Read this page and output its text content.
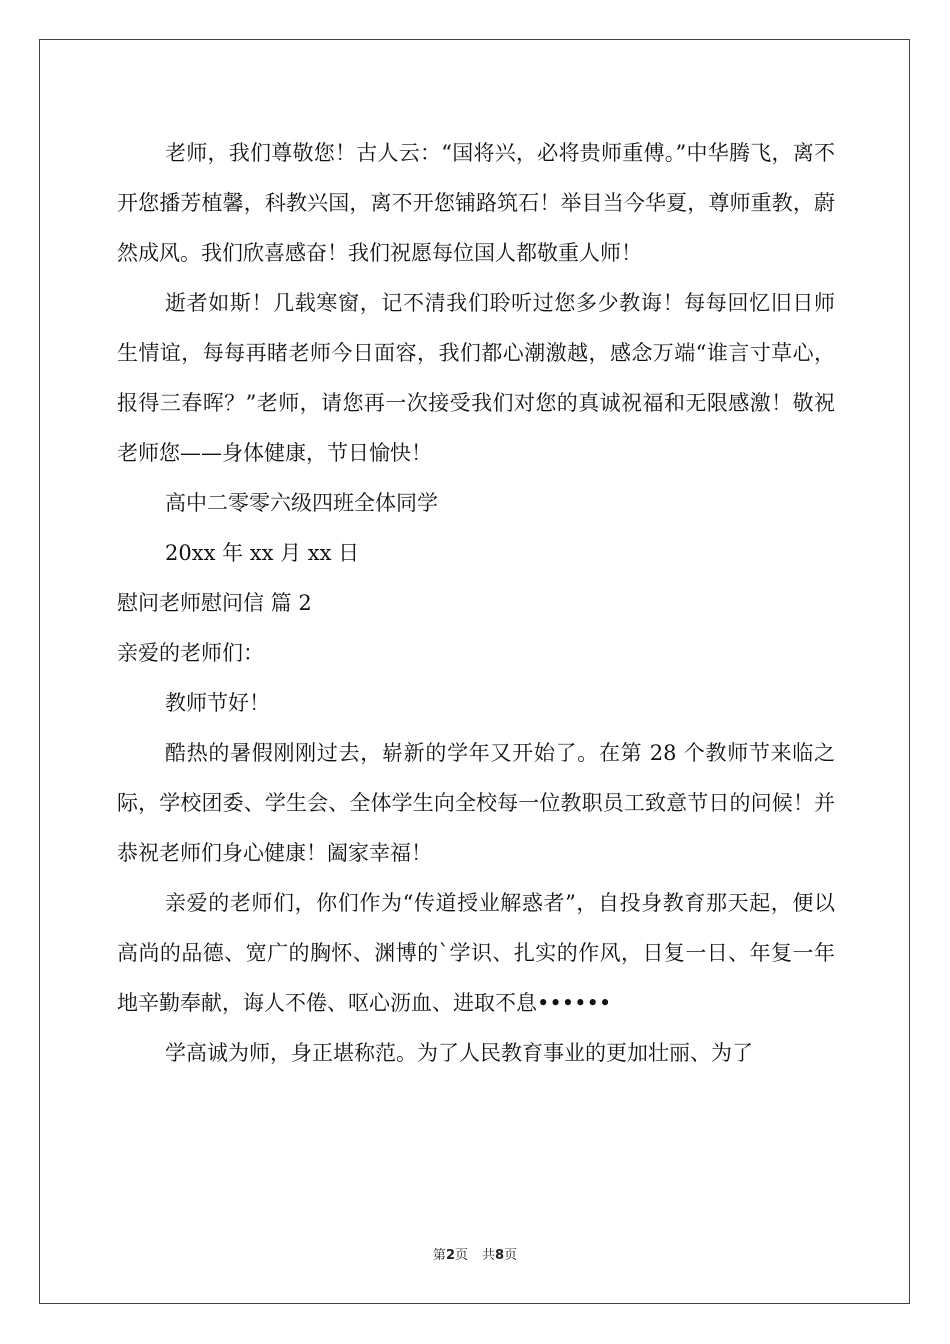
老师，我们尊敬您！古人云：“国将兴，必将贵师重傅。”中华腾飞，离不开您播芳植馨，科教兴国，离不开您铺路筑石！举目当今华夏，尊师重教，蔚然成风。我们欣喜感奋！我们祝愿每位国人都敬重人师！

逝者如斯！几载寒窗，记不清我们聆听过您多少教诲！每每回忆旧日师生情谊，每每再睹老师今日面容，我们都心潮激越，感念万端“谁言寸草心，报得三春晖？”老师，请您再一次接受我们对您的真诚祝福和无限感激！敬祝老师您——身体健康，节日愉快！

高中二零零六级四班全体同学

20xx 年 xx 月 xx 日

慰问老师慰问信 篇 2

亲爱的老师们：

教师节好！

酷热的暑假刚刚过去，崭新的学年又开始了。在第 28 个教师节来临之际，学校团委、学生会、全体学生向全校每一位教职员工致意节日的问候！并恭祝老师们身心健康！阖家幸福！

亲爱的老师们，你们作为“传道授业解惑者”，自投身教育那天起，便以高尚的品德、宽广的胸怀、渊博的`学识、扎实的作风，日复一日、年复一年地辛勤奉献，诲人不倦、呕心沥血、进取不息••••••

学高诚为师，身正堪称范。为了人民教育事业的更加壮丽、为了

第2页 共8页
